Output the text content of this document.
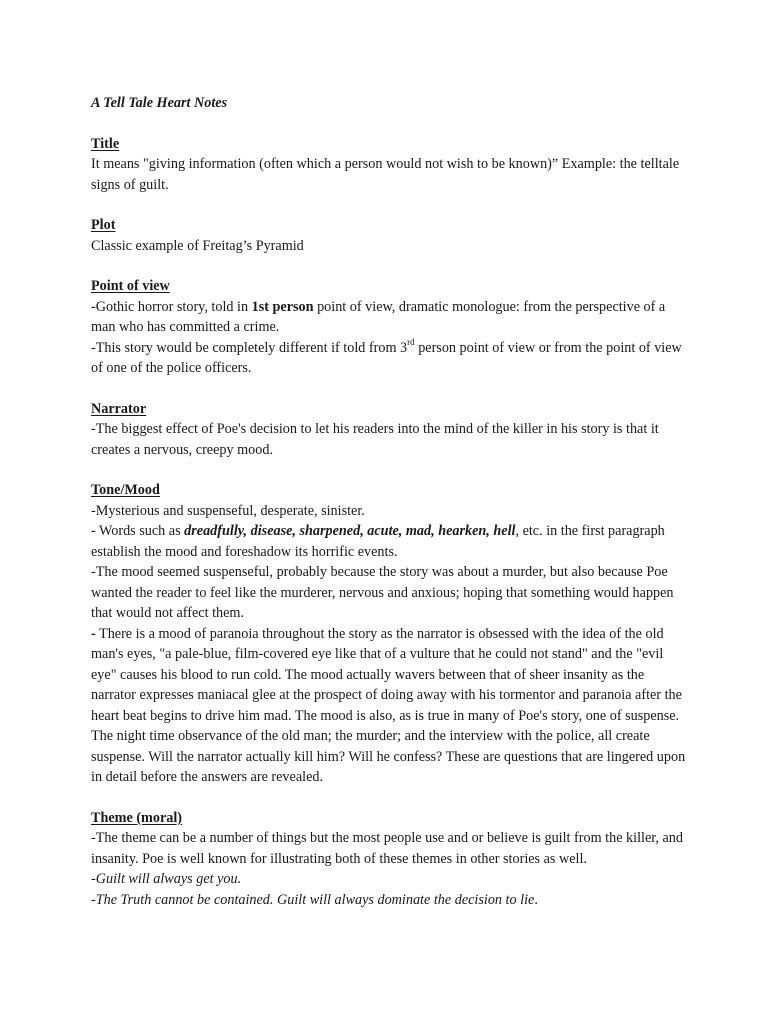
A Tell Tale Heart Notes

Title

It means "giving information (often which a person would not wish to be known)” Example: the telltale signs of guilt.

Plot

Classic example of Freitag’s Pyramid

Point of view

-Gothic horror story, told in 1st person point of view, dramatic monologue: from the perspective of a man who has committed a crime.

-This story would be completely different if told from 3rd person point of view or from the point of view of one of the police officers.

Narrator

-The biggest effect of Poe's decision to let his readers into the mind of the killer in his story is that it creates a nervous, creepy mood.

Tone/Mood

-Mysterious and suspenseful, desperate, sinister.

- Words such as dreadfully, disease, sharpened, acute, mad, hearken, hell, etc. in the first paragraph establish the mood and foreshadow its horrific events.

-The mood seemed suspenseful, probably because the story was about a murder, but also because Poe wanted the reader to feel like the murderer, nervous and anxious; hoping that something would happen that would not affect them.

- There is a mood of paranoia throughout the story as the narrator is obsessed with the idea of the old man's eyes, "a pale-blue, film-covered eye like that of a vulture that he could not stand" and the "evil eye" causes his blood to run cold. The mood actually wavers between that of sheer insanity as the narrator expresses maniacal glee at the prospect of doing away with his tormentor and paranoia after the heart beat begins to drive him mad. The mood is also, as is true in many of Poe's story, one of suspense. The night time observance of the old man; the murder; and the interview with the police, all create suspense. Will the narrator actually kill him? Will he confess? These are questions that are lingered upon in detail before the answers are revealed.

Theme (moral)

-The theme can be a number of things but the most people use and or believe is guilt from the killer, and insanity. Poe is well known for illustrating both of these themes in other stories as well.

-Guilt will always get you.

-The Truth cannot be contained. Guilt will always dominate the decision to lie.
